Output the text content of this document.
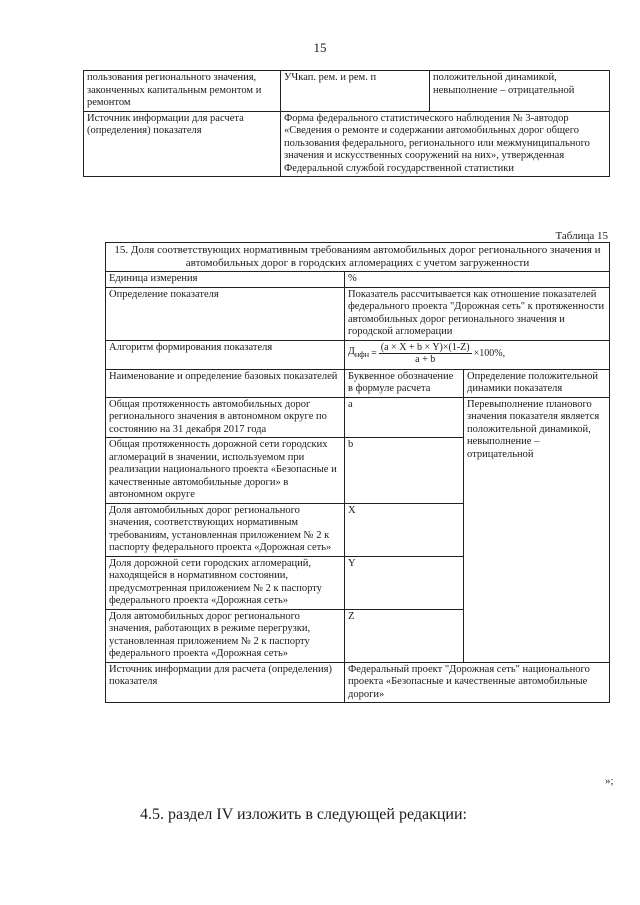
15
пользования регионального значения, законченных капитальным ремонтом и ремонтом	УЧкап. рем. и рем. п	положительной динамикой, невыполнение – отрицательной
Источник информации для расчета (определения) показателя	Форма федерального статистического наблюдения № 3-автодор «Сведения о ремонте и содержании автомобильных дорог общего пользования федерального, регионального или межмуниципального значения и искусственных сооружений на них», утвержденная Федеральной службой государственной статистики	
Таблица 15
15. Доля соответствующих нормативным требованиям автомобильных дорог регионального значения и автомобильных дорог в городских агломерациях с учетом загруженности		
Единица измерения	%	
Определение показателя	Показатель рассчитывается как отношение показателей федерального проекта "Дорожная сеть" к протяженности автомобильных дорог регионального значения и городской агломерации	
Алгоритм формирования показателя	$Д_{нфн} = \frac{(a \times X + b \times Y)\times(1-Z)}{a + b} \times 100\%$,	

Наименование и определение базовых показателей	Буквенное обозначение в формуле расчета	Определение положительной динамики показателя
Общая протяженность автомобильных дорог регионального значения в автономном округе по состоянию на 31 декабря 2017 года	a	Перевыполнение планового значения показателя является положительной динамикой, невыполнение – отрицательной
Общая протяженность дорожной сети городских агломераций в значении, используемом при реализации национального проекта «Безопасные и качественные автомобильные дороги» в автономном округе	b	
Доля автомобильных дорог регионального значения, соответствующих нормативным требованиям, установленная приложением № 2 к паспорту федерального проекта «Дорожная сеть»	X	
Доля дорожной сети городских агломераций, находящейся в нормативном состоянии, предусмотренная приложением № 2 к паспорту федерального проекта «Дорожная сеть»	Y	
Доля автомобильных дорог регионального значения, работающих в режиме перегрузки, установленная приложением № 2 к паспорту федерального проекта «Дорожная сеть»	Z	
Источник информации для расчета (определения) показателя	Федеральный проект "Дорожная сеть" национального проекта «Безопасные и качественные автомобильные дороги»	
»;
4.5. раздел IV изложить в следующей редакции:
